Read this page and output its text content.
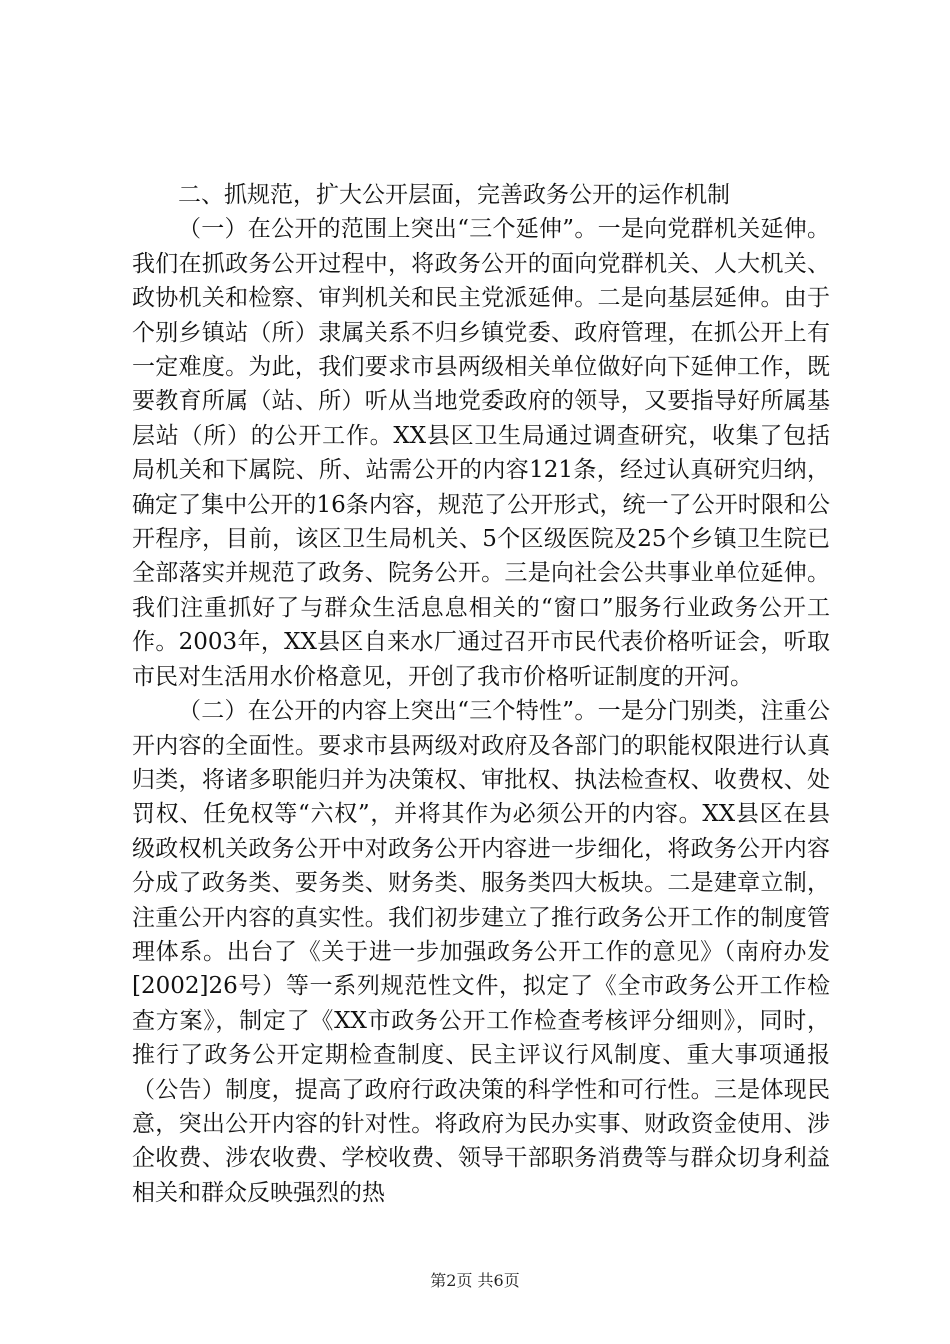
二、抓规范，扩大公开层面，完善政务公开的运作机制

（一）在公开的范围上突出“三个延伸”。一是向党群机关延伸。我们在抓政务公开过程中，将政务公开的面向党群机关、人大机关、政协机关和检察、审判机关和民主党派延伸。二是向基层延伸。由于个别乡镇站（所）隶属关系不归乡镇党委、政府管理，在抓公开上有一定难度。为此，我们要求市县两级相关单位做好向下延伸工作，既要教育所属（站、所）听从当地党委政府的领导，又要指导好所属基层站（所）的公开工作。XX县区卫生局通过调查研究，收集了包括局机关和下属院、所、站需公开的内容121条，经过认真研究归纳，确定了集中公开的16条内容，规范了公开形式，统一了公开时限和公开程序，目前，该区卫生局机关、5个区级医院及25个乡镇卫生院已全部落实并规范了政务、院务公开。三是向社会公共事业单位延伸。我们注重抓好了与群众生活息息相关的“窗口”服务行业政务公开工作。2003年，XX县区自来水厂通过召开市民代表价格听证会，听取市民对生活用水价格意见，开创了我市价格听证制度的开河。

（二）在公开的内容上突出“三个特性”。一是分门别类，注重公开内容的全面性。要求市县两级对政府及各部门的职能权限进行认真归类，将诸多职能归并为决策权、审批权、执法检查权、收费权、处罚权、任免权等“六权”，并将其作为必须公开的内容。XX县区在县级政权机关政务公开中对政务公开内容进一步细化，将政务公开内容分成了政务类、要务类、财务类、服务类四大板块。二是建章立制，注重公开内容的真实性。我们初步建立了推行政务公开工作的制度管理体系。出台了《关于进一步加强政务公开工作的意见》（南府办发[2002]26号）等一系列规范性文件，拟定了《全市政务公开工作检查方案》，制定了《XX市政务公开工作检查考核评分细则》，同时，推行了政务公开定期检查制度、民主评议行风制度、重大事项通报（公告）制度，提高了政府行政决策的科学性和可行性。三是体现民意，突出公开内容的针对性。将政府为民办实事、财政资金使用、涉企收费、涉农收费、学校收费、领导干部职务消费等与群众切身利益相关和群众反映强烈的热

第2页 共6页
